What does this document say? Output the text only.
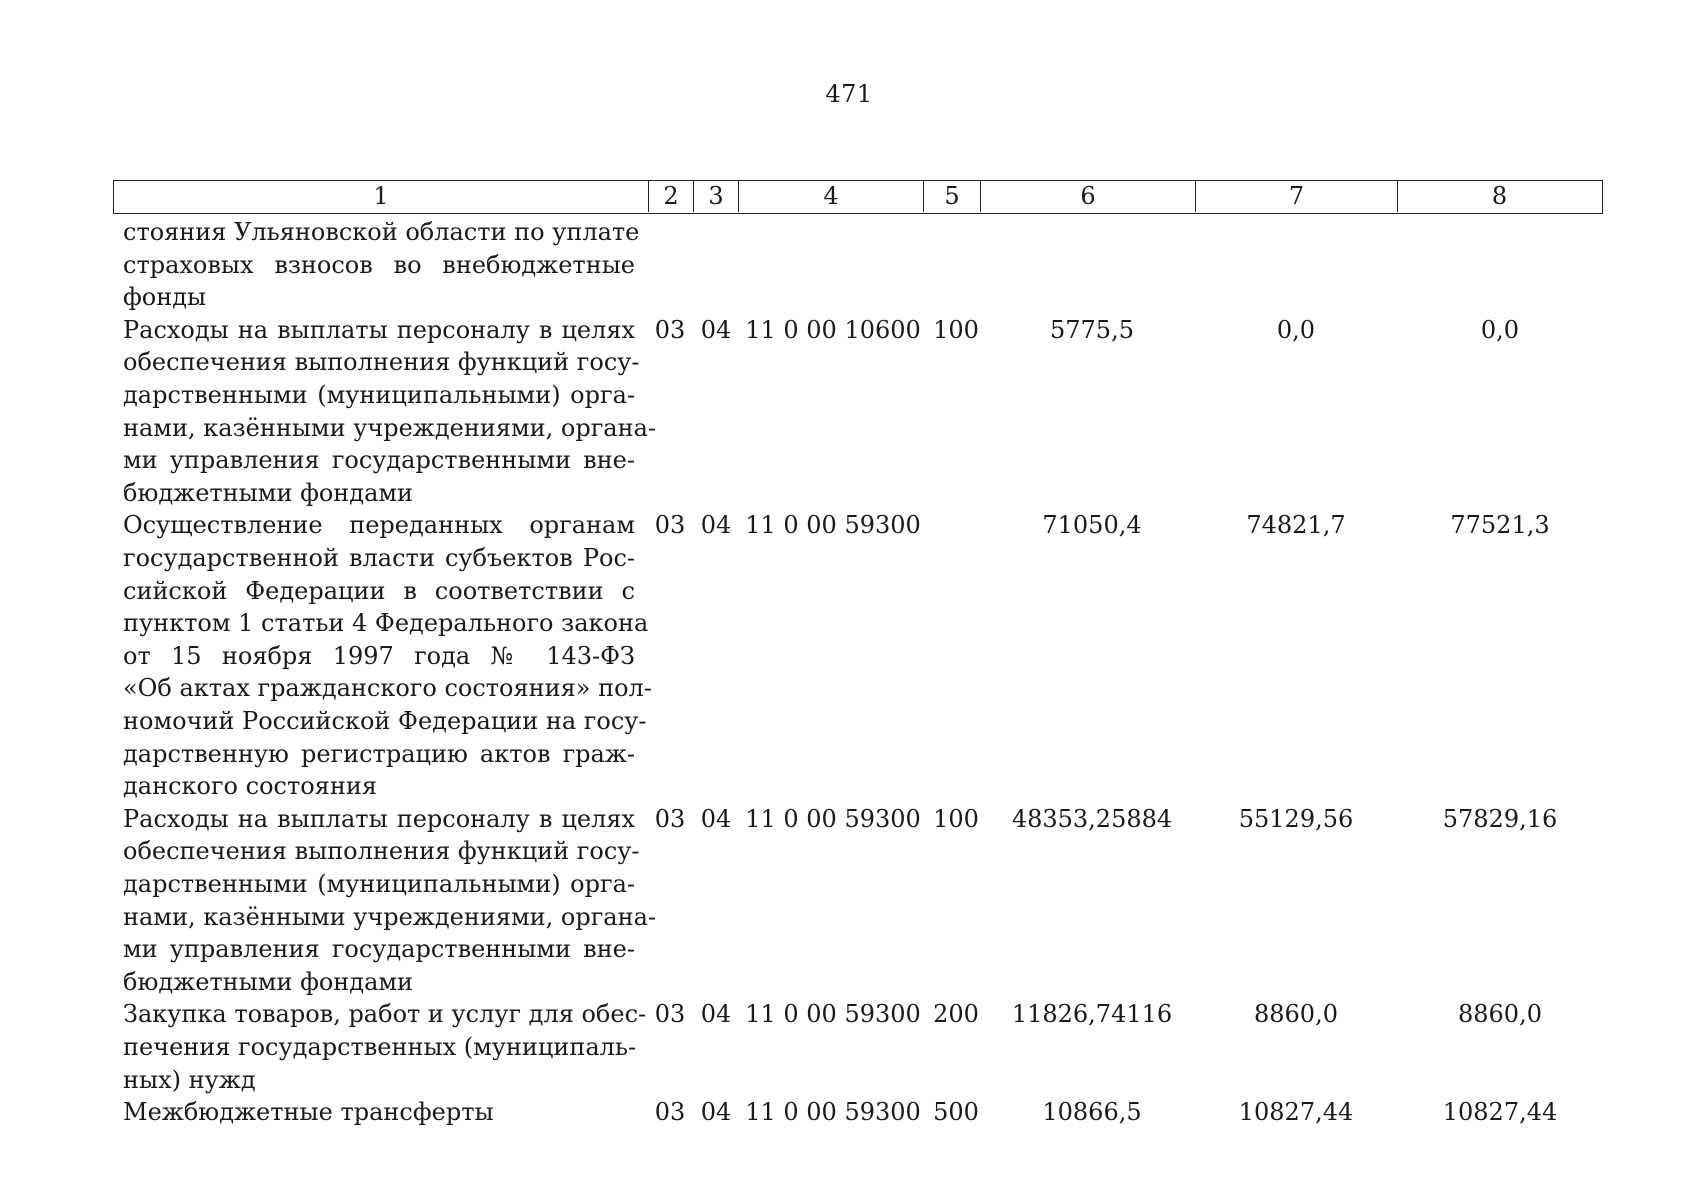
471
1	2	3	4	5	6	7	8
стояния Ульяновской области по уплате
страховых взносов во внебюджетные
фонды
Расходы на выплаты персоналу в целях
обеспечения выполнения функций госу-
дарственными (муниципальными) орга-
нами, казёнными учреждениями, органа-
ми управления государственными вне-
бюджетными фондами
03 04 11 0 00 10600 100	5775,5	0,0	0,0
Осуществление переданных органам
государственной власти субъектов Рос-
сийской Федерации в соответствии с
пунктом 1 статьи 4 Федерального закона
от 15 ноября 1997 года № 143-ФЗ
«Об актах гражданского состояния» пол-
номочий Российской Федерации на госу-
дарственную регистрацию актов граж-
данского состояния
03 04 11 0 00 59300	71050,4	74821,7	77521,3
Расходы на выплаты персоналу в целях
обеспечения выполнения функций госу-
дарственными (муниципальными) орга-
нами, казёнными учреждениями, органа-
ми управления государственными вне-
бюджетными фондами
03 04 11 0 00 59300 100	48353,25884	55129,56	57829,16
Закупка товаров, работ и услуг для обес-
печения государственных (муниципаль-
ных) нужд
03 04 11 0 00 59300 200	11826,74116	8860,0	8860,0
Межбюджетные трансферты	03 04 11 0 00 59300 500	10866,5	10827,44	10827,44
